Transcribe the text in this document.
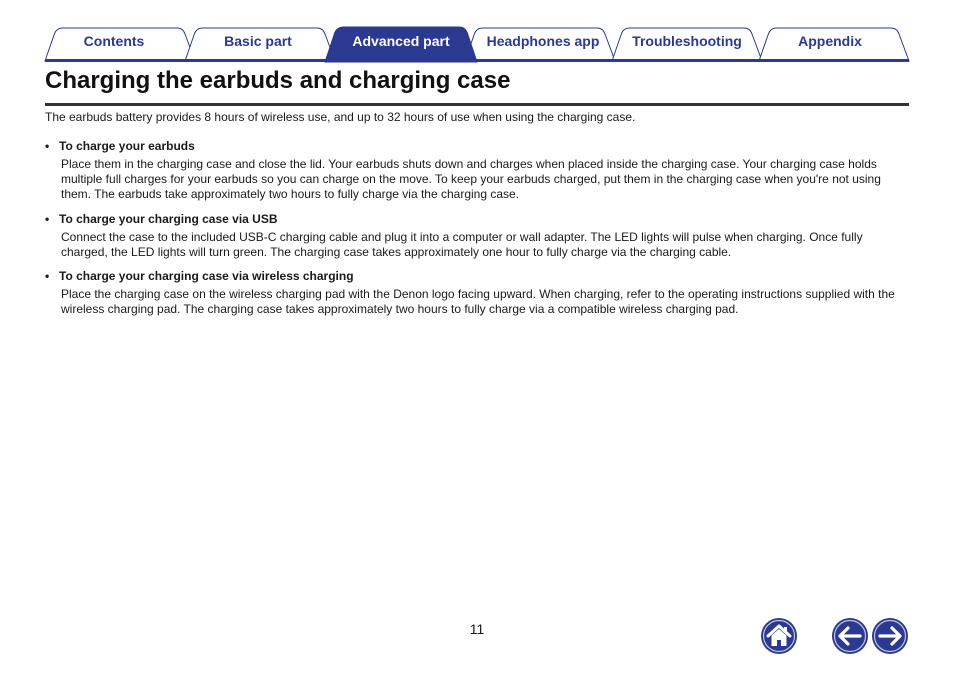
Contents	Basic part	Headphones app Troubleshooting	Appendix
Advanced part
Charging the earbuds and charging case

The earbuds battery provides 8 hours of wireless use, and up to 32 hours of use when using the charging case.

• To charge your earbuds

Place them in the charging case and close the lid. Your earbuds shuts down and charges when placed inside the charging case. Your charging case holds multiple full charges for your earbuds so you can charge on the move. To keep your earbuds charged, put them in the charging case when you're not using them. The earbuds take approximately two hours to fully charge via the charging case.

• To charge your charging case via USB

Connect the case to the included USB-C charging cable and plug it into a computer or wall adapter. The LED lights will pulse when charging. Once fully charged, the LED lights will turn green. The charging case takes approximately one hour to fully charge via the charging cable.

• To charge your charging case via wireless charging

Place the charging case on the wireless charging pad with the Denon logo facing upward. When charging, refer to the operating instructions supplied with the wireless charging pad. The charging case takes approximately two hours to fully charge via a compatible wireless charging pad.

11
